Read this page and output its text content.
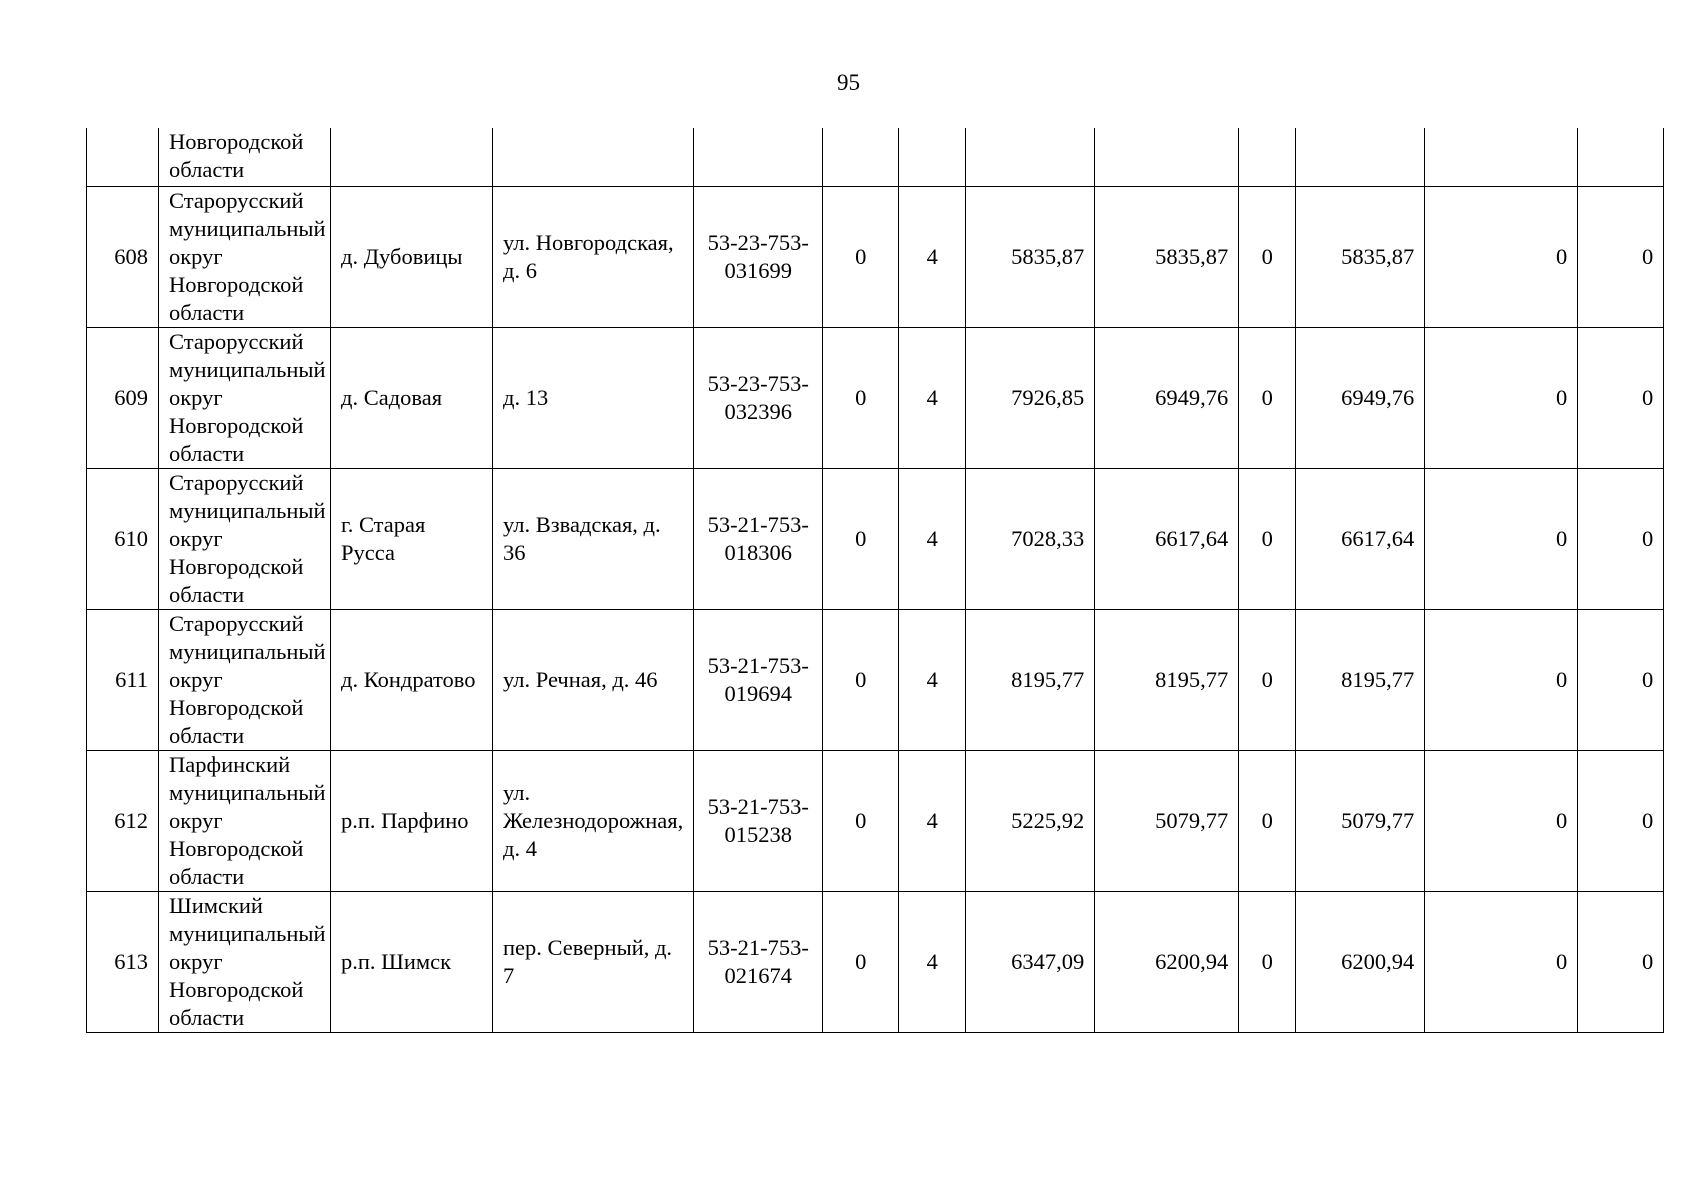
95
	Новгородской области											
608	Старорусский муниципальный округ Новгородской области	д. Дубовицы	ул. Новгородская, д. 6	53-23-753-031699	0	4	5835,87	5835,87	0	5835,87	0	0
609	Старорусский муниципальный округ Новгородской области	д. Садовая	д. 13	53-23-753-032396	0	4	7926,85	6949,76	0	6949,76	0	0
610	Старорусский муниципальный округ Новгородской области	г. Старая Русса	ул. Взвадская, д. 36	53-21-753-018306	0	4	7028,33	6617,64	0	6617,64	0	0
611	Старорусский муниципальный округ Новгородской области	д. Кондратово	ул. Речная, д. 46	53-21-753-019694	0	4	8195,77	8195,77	0	8195,77	0	0
612	Парфинский муниципальный округ Новгородской области	р.п. Парфино	ул. Железнодорожная, д. 4	53-21-753-015238	0	4	5225,92	5079,77	0	5079,77	0	0
613	Шимский муниципальный округ Новгородской области	р.п. Шимск	пер. Северный, д. 7	53-21-753-021674	0	4	6347,09	6200,94	0	6200,94	0	0
